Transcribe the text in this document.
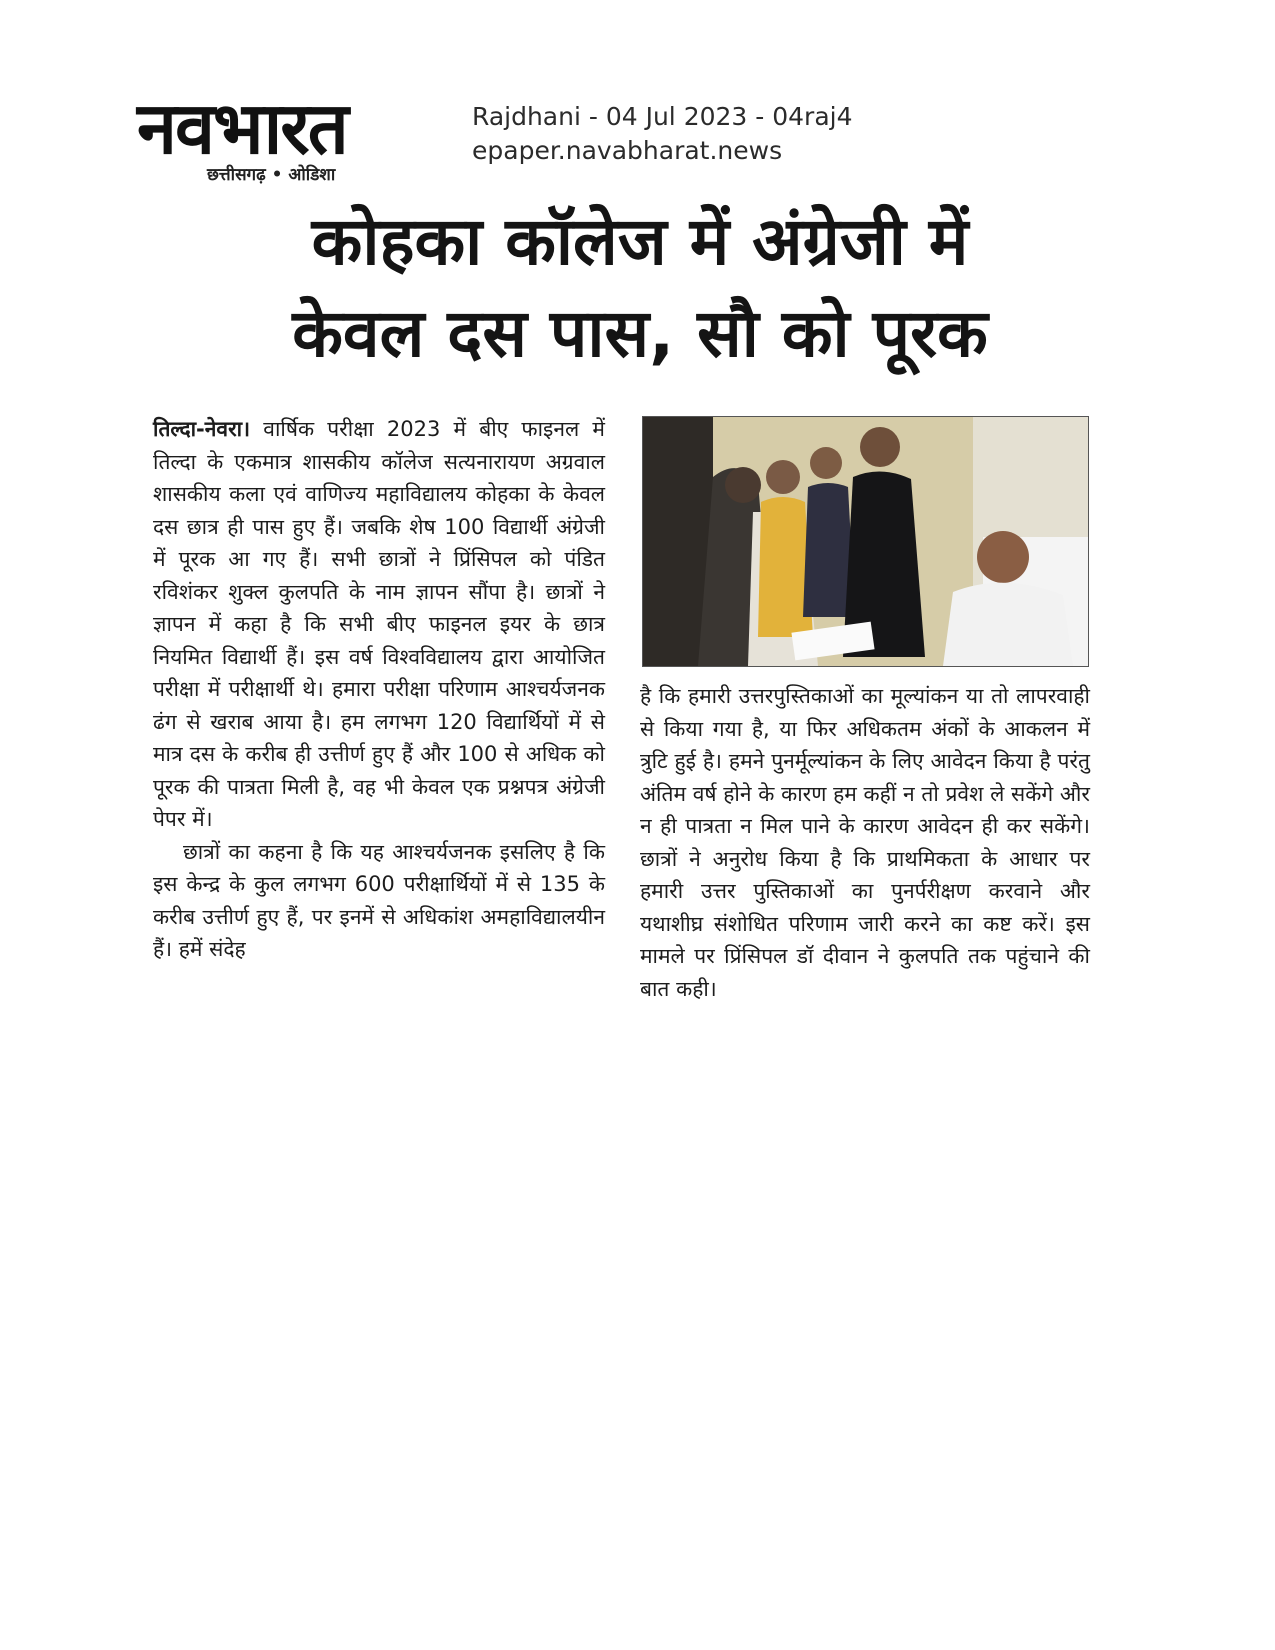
नवभारत
छत्तीसगढ़ • ओडिशा
Rajdhani - 04 Jul 2023 - 04raj4
epaper.navabharat.news
कोहका कॉलेज में अंग्रेजी में
केवल दस पास, सौ को पूरक

तिल्दा-नेवरा। वार्षिक परीक्षा 2023 में बीए फाइनल में तिल्दा के एकमात्र शासकीय कॉलेज सत्यनारायण अग्रवाल शासकीय कला एवं वाणिज्य महाविद्यालय कोहका के केवल दस छात्र ही पास हुए हैं। जबकि शेष 100 विद्यार्थी अंग्रेजी में पूरक आ गए हैं। सभी छात्रों ने प्रिंसिपल को पंडित रविशंकर शुक्ल कुलपति के नाम ज्ञापन सौंपा है। छात्रों ने ज्ञापन में कहा है कि सभी बीए फाइनल इयर के छात्र नियमित विद्यार्थी हैं। इस वर्ष विश्वविद्यालय द्वारा आयोजित परीक्षा में परीक्षार्थी थे। हमारा परीक्षा परिणाम आश्चर्यजनक ढंग से खराब आया है। हम लगभग 120 विद्यार्थियों में से मात्र दस के करीब ही उत्तीर्ण हुए हैं और 100 से अधिक को पूरक की पात्रता मिली है, वह भी केवल एक प्रश्नपत्र अंग्रेजी पेपर में।

छात्रों का कहना है कि यह आश्चर्यजनक इसलिए है कि इस केन्द्र के कुल लगभग 600 परीक्षार्थियों में से 135 के करीब उत्तीर्ण हुए हैं, पर इनमें से अधिकांश अमहाविद्यालयीन हैं। हमें संदेह

है कि हमारी उत्तरपुस्तिकाओं का मूल्यांकन या तो लापरवाही से किया गया है, या फिर अधिकतम अंकों के आकलन में त्रुटि हुई है। हमने पुनर्मूल्यांकन के लिए आवेदन किया है परंतु अंतिम वर्ष होने के कारण हम कहीं न तो प्रवेश ले सकेंगे और न ही पात्रता न मिल पाने के कारण आवेदन ही कर सकेंगे। छात्रों ने अनुरोध किया है कि प्राथमिकता के आधार पर हमारी उत्तर पुस्तिकाओं का पुनर्परीक्षण करवाने और यथाशीघ्र संशोधित परिणाम जारी करने का कष्ट करें। इस मामले पर प्रिंसिपल डॉ दीवान ने कुलपति तक पहुंचाने की बात कही।
